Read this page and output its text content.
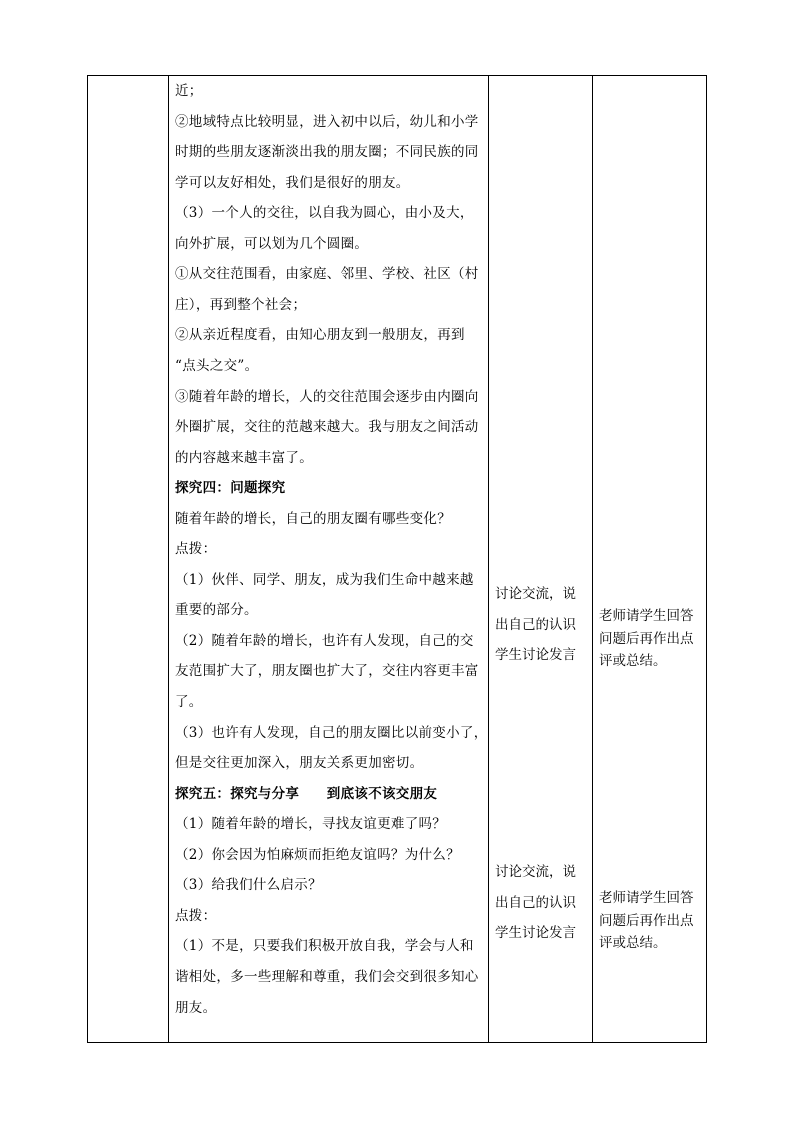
近；
②地域特点比较明显，进入初中以后，幼儿和小学
时期的些朋友逐渐淡出我的朋友圈；不同民族的同
学可以友好相处，我们是很好的朋友。
（3）一个人的交往，以自我为圆心，由小及大，
向外扩展，可以划为几个圆圈。
①从交往范围看，由家庭、邻里、学校、社区（村
庄），再到整个社会；
②从亲近程度看，由知心朋友到一般朋友，再到
“点头之交”。
③随着年龄的增长，人的交往范围会逐步由内圈向
外圈扩展，交往的范越来越大。我与朋友之间活动
的内容越来越丰富了。
探究四：问题探究
随着年龄的增长，自己的朋友圈有哪些变化？
点拨：
（1）伙伴、同学、朋友，成为我们生命中越来越
重要的部分。
（2）随着年龄的增长，也许有人发现，自己的交
友范围扩大了，朋友圈也扩大了，交往内容更丰富
了。
（3）也许有人发现，自己的朋友圈比以前变小了，
但是交往更加深入，朋友关系更加密切。
探究五：探究与分享　　到底该不该交朋友
（1）随着年龄的增长，寻找友谊更难了吗？
（2）你会因为怕麻烦而拒绝友谊吗？为什么？
（3）给我们什么启示？
点拨：
（1）不是，只要我们积极开放自我，学会与人和
谐相处，多一些理解和尊重，我们会交到很多知心
朋友。
讨论交流，说
出自己的认识
学生讨论发言
老师请学生回答
问题后再作出点
评或总结。
讨论交流，说
出自己的认识
学生讨论发言
老师请学生回答
问题后再作出点
评或总结。
